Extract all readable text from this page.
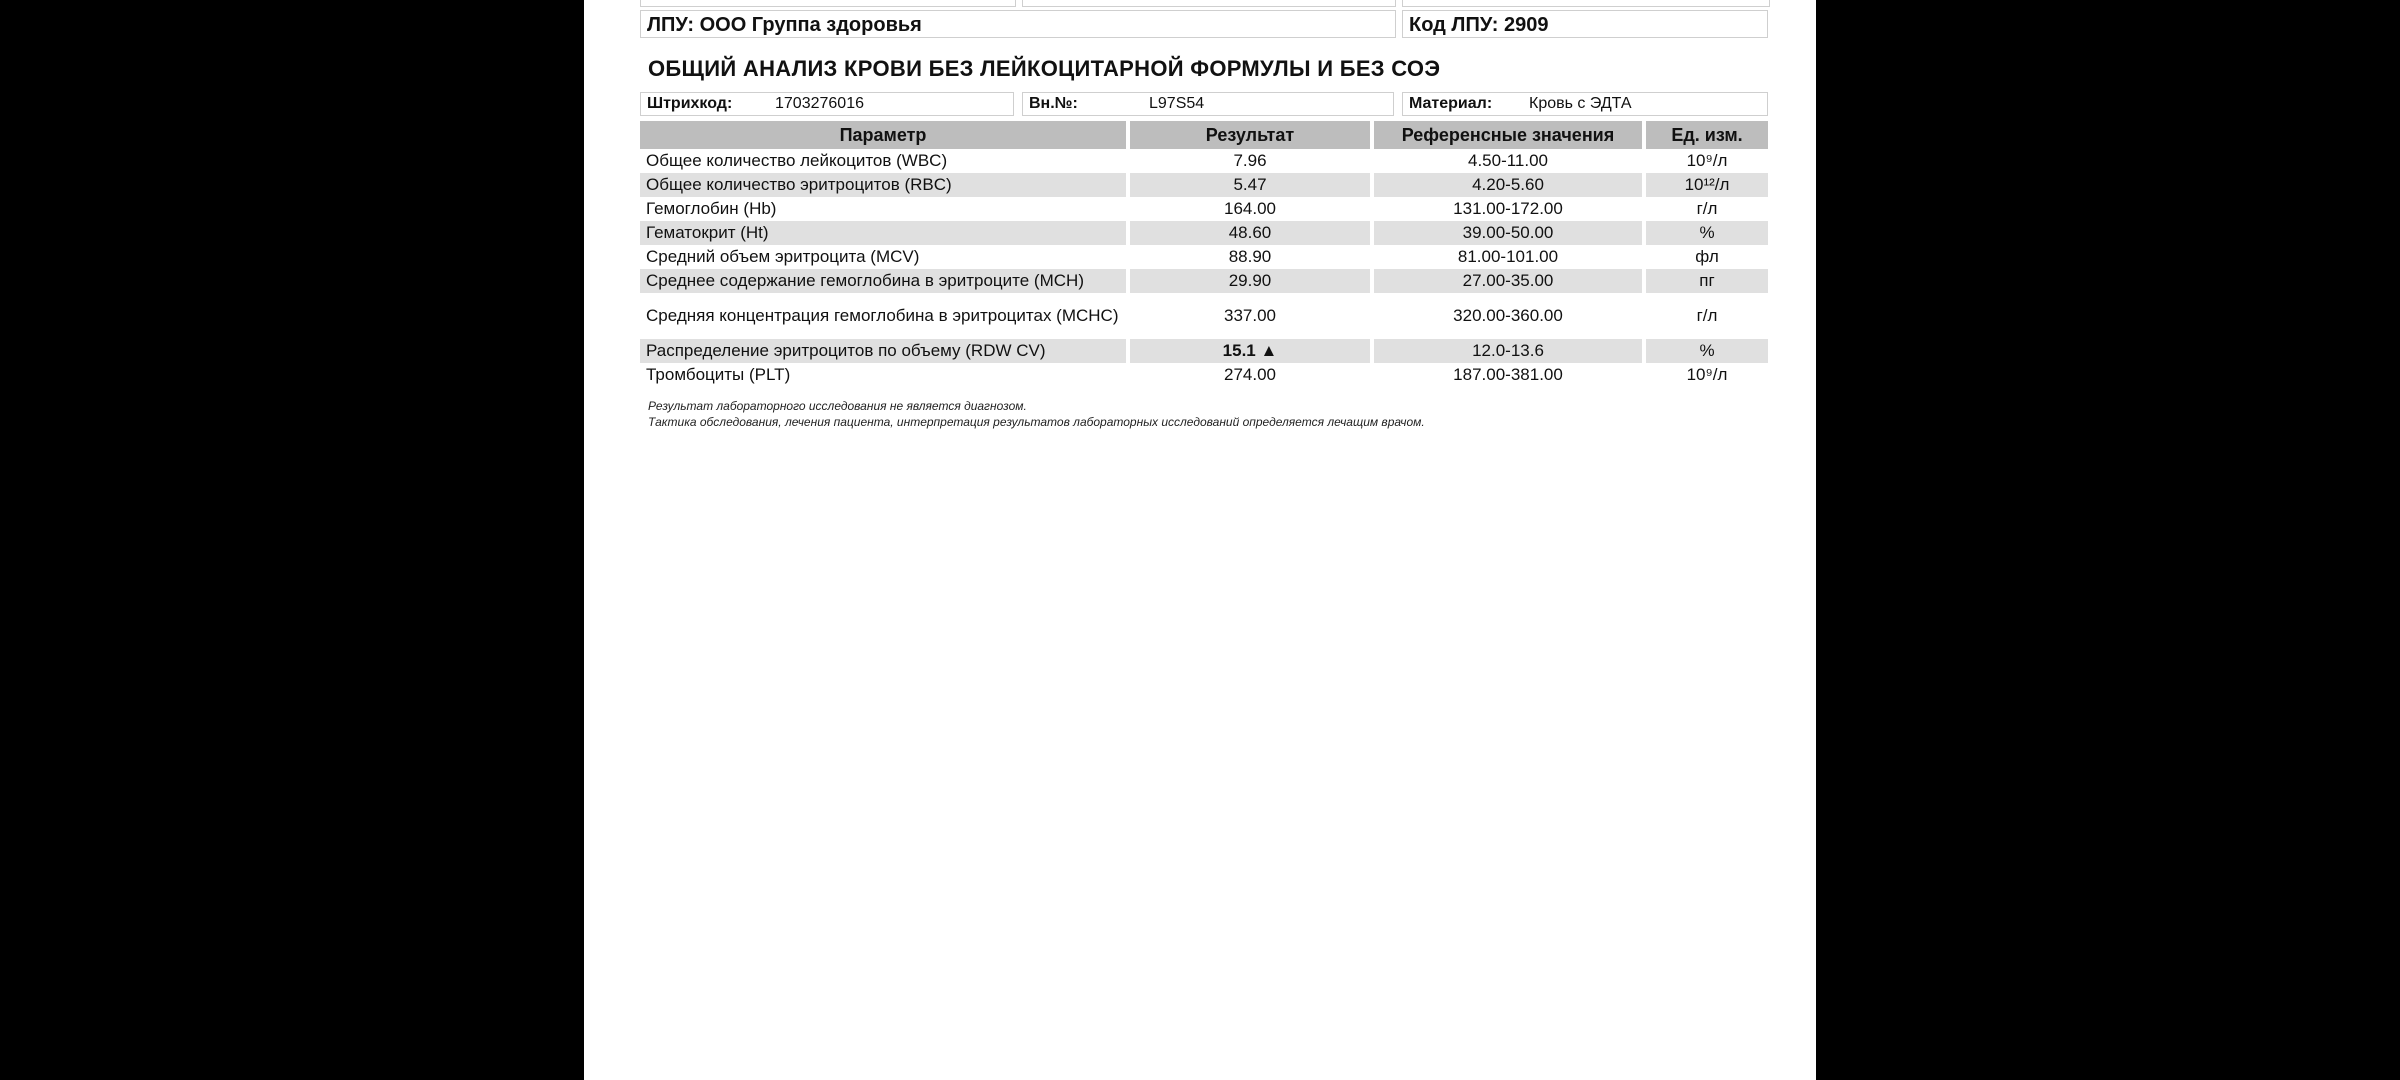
ЛПУ: ООО Группа здоровья	Код ЛПУ: 2909
ОБЩИЙ АНАЛИЗ КРОВИ БЕЗ ЛЕЙКОЦИТАРНОЙ ФОРМУЛЫ И БЕЗ СОЭ
Штрихкод:	1703276016	Вн.№:	L97S54	Материал: Кровь с ЭДТА
Параметр	Результат	Референсные значения	Ед. изм.
Общее количество лейкоцитов (WBC)	7.96	4.50-11.00	10⁹/л
Общее количество эритроцитов (RBC)	5.47	4.20-5.60	10¹²/л
Гемоглобин (Hb)	164.00	131.00-172.00	г/л
Гематокрит (Ht)	48.60	39.00-50.00	%
Средний объем эритроцита (MCV)	88.90	81.00-101.00	фл
Среднее содержание гемоглобина в эритроците (MCH)	29.90	27.00-35.00	пг
Средняя концентрация гемоглобина в эритроцитах (MCHC)	337.00	320.00-360.00	г/л
Распределение эритроцитов по объему (RDW CV)	15.1 ▲	12.0-13.6	%
Тромбоциты (PLT)	274.00	187.00-381.00	10⁹/л
Результат лабораторного исследования не является диагнозом.
Тактика обследования, лечения пациента, интерпретация результатов лабораторных исследований определяется лечащим врачом.
